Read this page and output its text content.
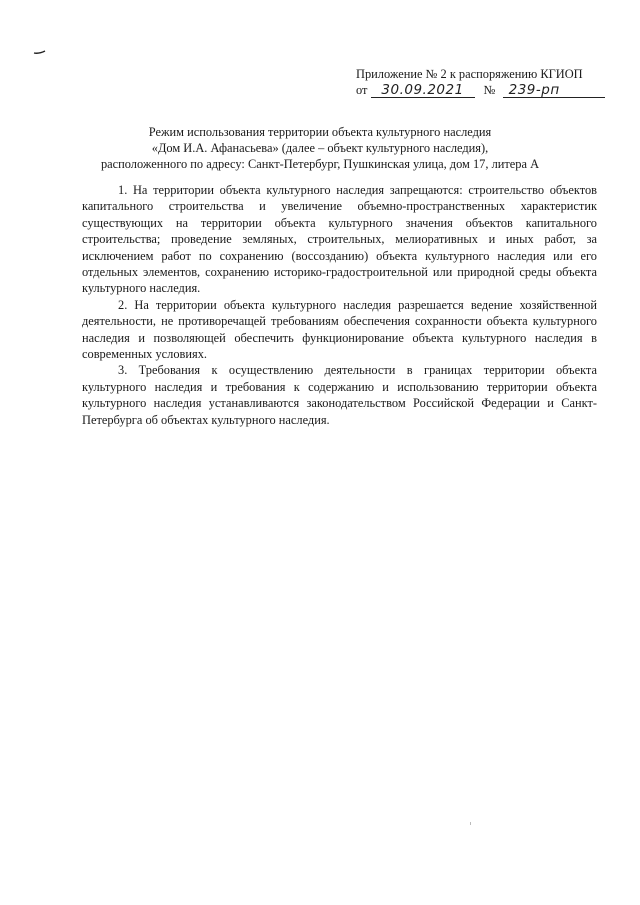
Приложение № 2 к распоряжению КГИОП
от 30.09.2021 № 239-рп
Режим использования территории объекта культурного наследия
«Дом И.А. Афанасьева» (далее – объект культурного наследия),
расположенного по адресу: Санкт-Петербург, Пушкинская улица, дом 17, литера А

1. На территории объекта культурного наследия запрещаются: строительство объектов капитального строительства и увеличение объемно-пространственных характеристик существующих на территории объекта культурного значения объектов капитального строительства; проведение земляных, строительных, мелиоративных и иных работ, за исключением работ по сохранению (воссозданию) объекта культурного наследия или его отдельных элементов, сохранению историко-градостроительной или природной среды объекта культурного наследия.

2. На территории объекта культурного наследия разрешается ведение хозяйственной деятельности, не противоречащей требованиям обеспечения сохранности объекта культурного наследия и позволяющей обеспечить функционирование объекта культурного наследия в современных условиях.

3. Требования к осуществлению деятельности в границах территории объекта культурного наследия и требования к содержанию и использованию территории объекта культурного наследия устанавливаются законодательством Российской Федерации и Санкт-Петербурга об объектах культурного наследия.
